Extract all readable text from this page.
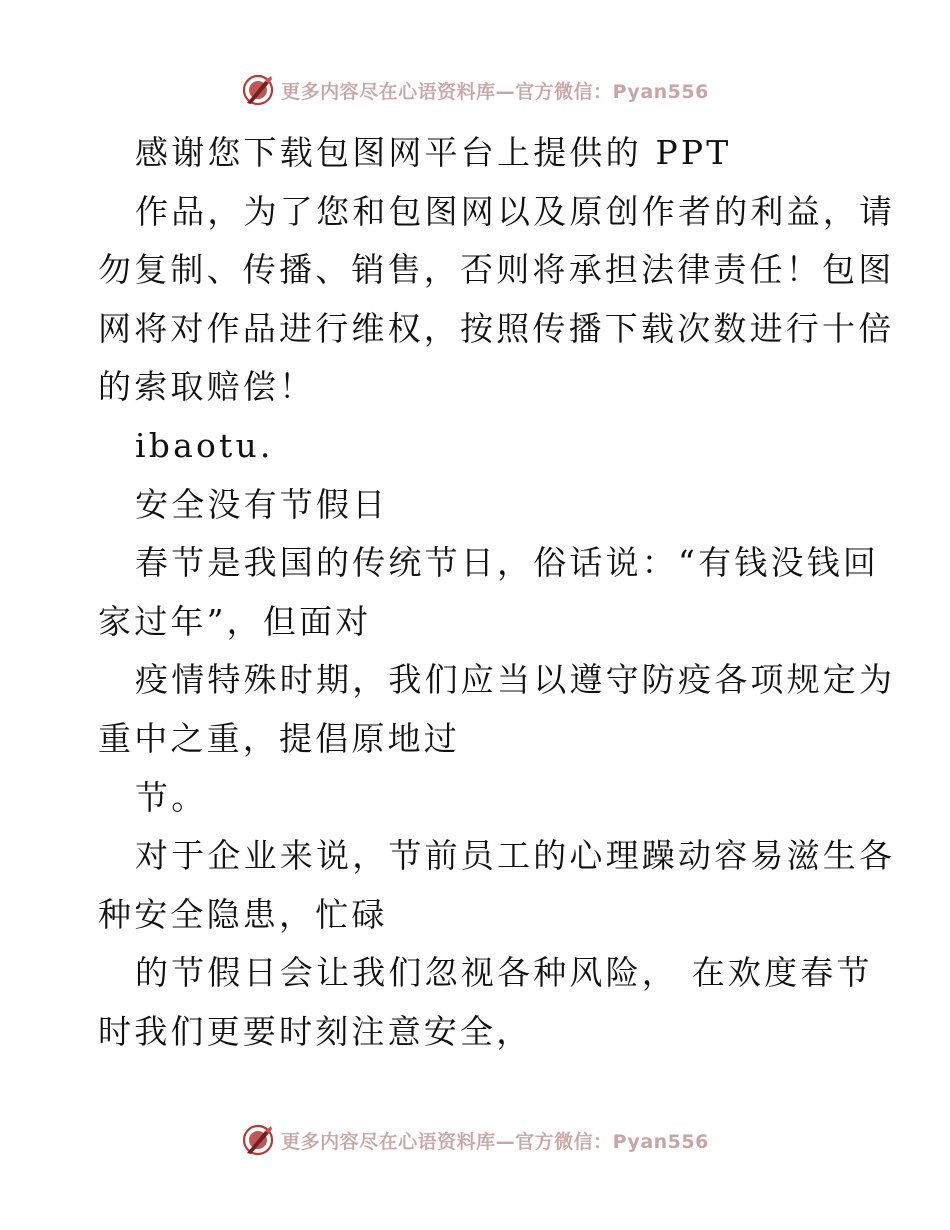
更多内容尽在心语资料库—官方微信：Pyan556
感谢您下载包图网平台上提供的 PPT
作品，为了您和包图网以及原创作者的利益，请
勿复制、传播、销售，否则将承担法律责任！包图
网将对作品进行维权，按照传播下载次数进行十倍
的索取赔偿！
ibaotu.
安全没有节假日
春节是我国的传统节日，俗话说：“有钱没钱回
家过年”，但面对
疫情特殊时期，我们应当以遵守防疫各项规定为
重中之重，提倡原地过
节。
对于企业来说，节前员工的心理躁动容易滋生各
种安全隐患，忙碌
的节假日会让我们忽视各种风险， 在欢度春节
时我们更要时刻注意安全，
更多内容尽在心语资料库—官方微信：Pyan556
